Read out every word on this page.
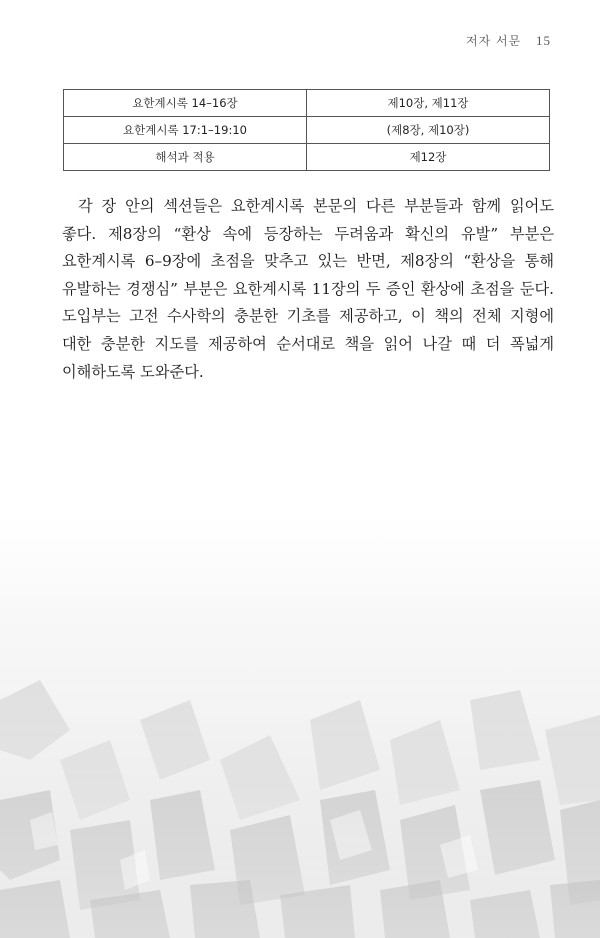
저자 서문 15
요한계시록 14–16장	제10장, 제11장
요한계시록 17:1–19:10	(제8장, 제10장)
해석과 적용	제12장

각 장 안의 섹션들은 요한계시록 본문의 다른 부분들과 함께 읽어도 좋다. 제8장의 “환상 속에 등장하는 두려움과 확신의 유발” 부분은 요한계시록 6–9장에 초점을 맞추고 있는 반면, 제8장의 “환상을 통해 유발하는 경쟁심” 부분은 요한계시록 11장의 두 증인 환상에 초점을 둔다. 도입부는 고전 수사학의 충분한 기초를 제공하고, 이 책의 전체 지형에 대한 충분한 지도를 제공하여 순서대로 책을 읽어 나갈 때 더 폭넓게 이해하도록 도와준다.
